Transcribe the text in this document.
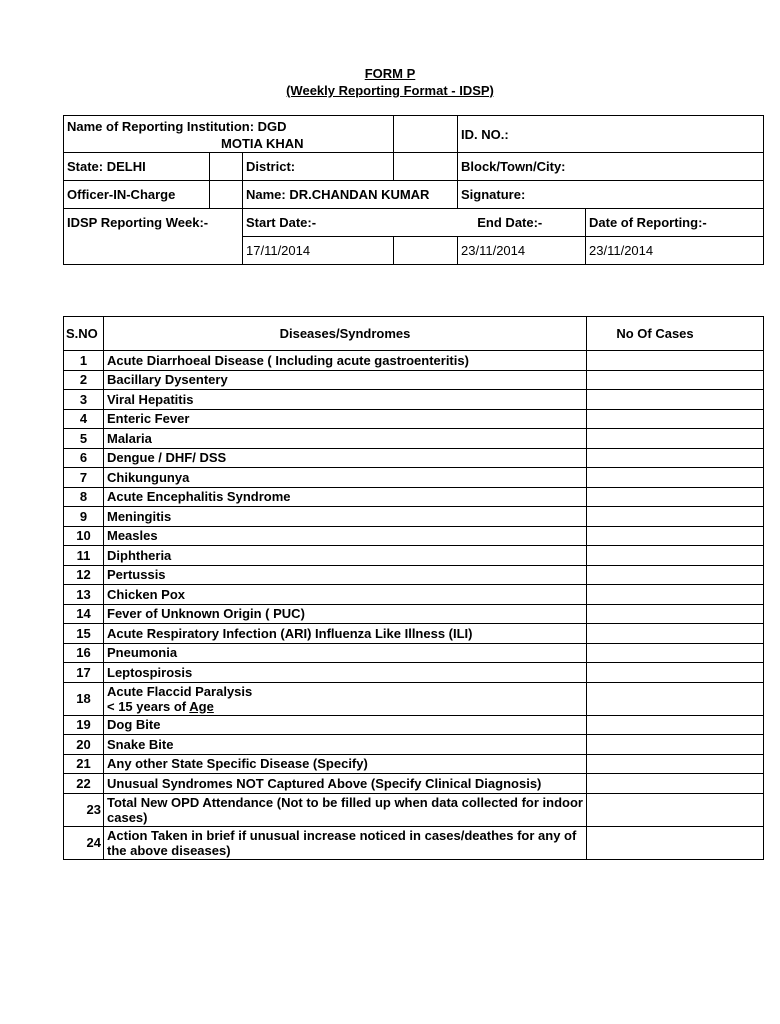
FORM P
(Weekly Reporting Format - IDSP)
Name of Reporting Institution: DGD
MOTIA KHAN				ID. NO.:	
State: DELHI		District:		Block/Town/City:	
Officer-IN-Charge		Name: DR.CHANDAN KUMAR		Signature:	
IDSP Reporting Week:-		Start Date:-	End Date:-		Date of Reporting:-
		17/11/2014		23/11/2014	23/11/2014
S.NO	Diseases/Syndromes	No Of Cases
1	Acute Diarrhoeal Disease ( Including acute gastroenteritis)	
2	Bacillary Dysentery	
3	Viral Hepatitis	
4	Enteric Fever	
5	Malaria	
6	Dengue / DHF/ DSS	
7	Chikungunya	
8	Acute Encephalitis Syndrome	
9	Meningitis	
10	Measles	
11	Diphtheria	
12	Pertussis	
13	Chicken Pox	
14	Fever of Unknown Origin ( PUC)	
15	Acute Respiratory Infection (ARI) Influenza Like Illness (ILI)	
16	Pneumonia	
17	Leptospirosis	
18	Acute Flaccid Paralysis
< 15 years of Age	

19	Dog Bite	
20	Snake Bite	
21	Any other State Specific Disease (Specify)	
22	Unusual Syndromes NOT Captured Above (Specify Clinical Diagnosis)	
23	Total New OPD Attendance (Not to be filled up when data collected for indoor cases)	
24	Action Taken in brief if unusual increase noticed in cases/deathes for any of the above diseases)	
